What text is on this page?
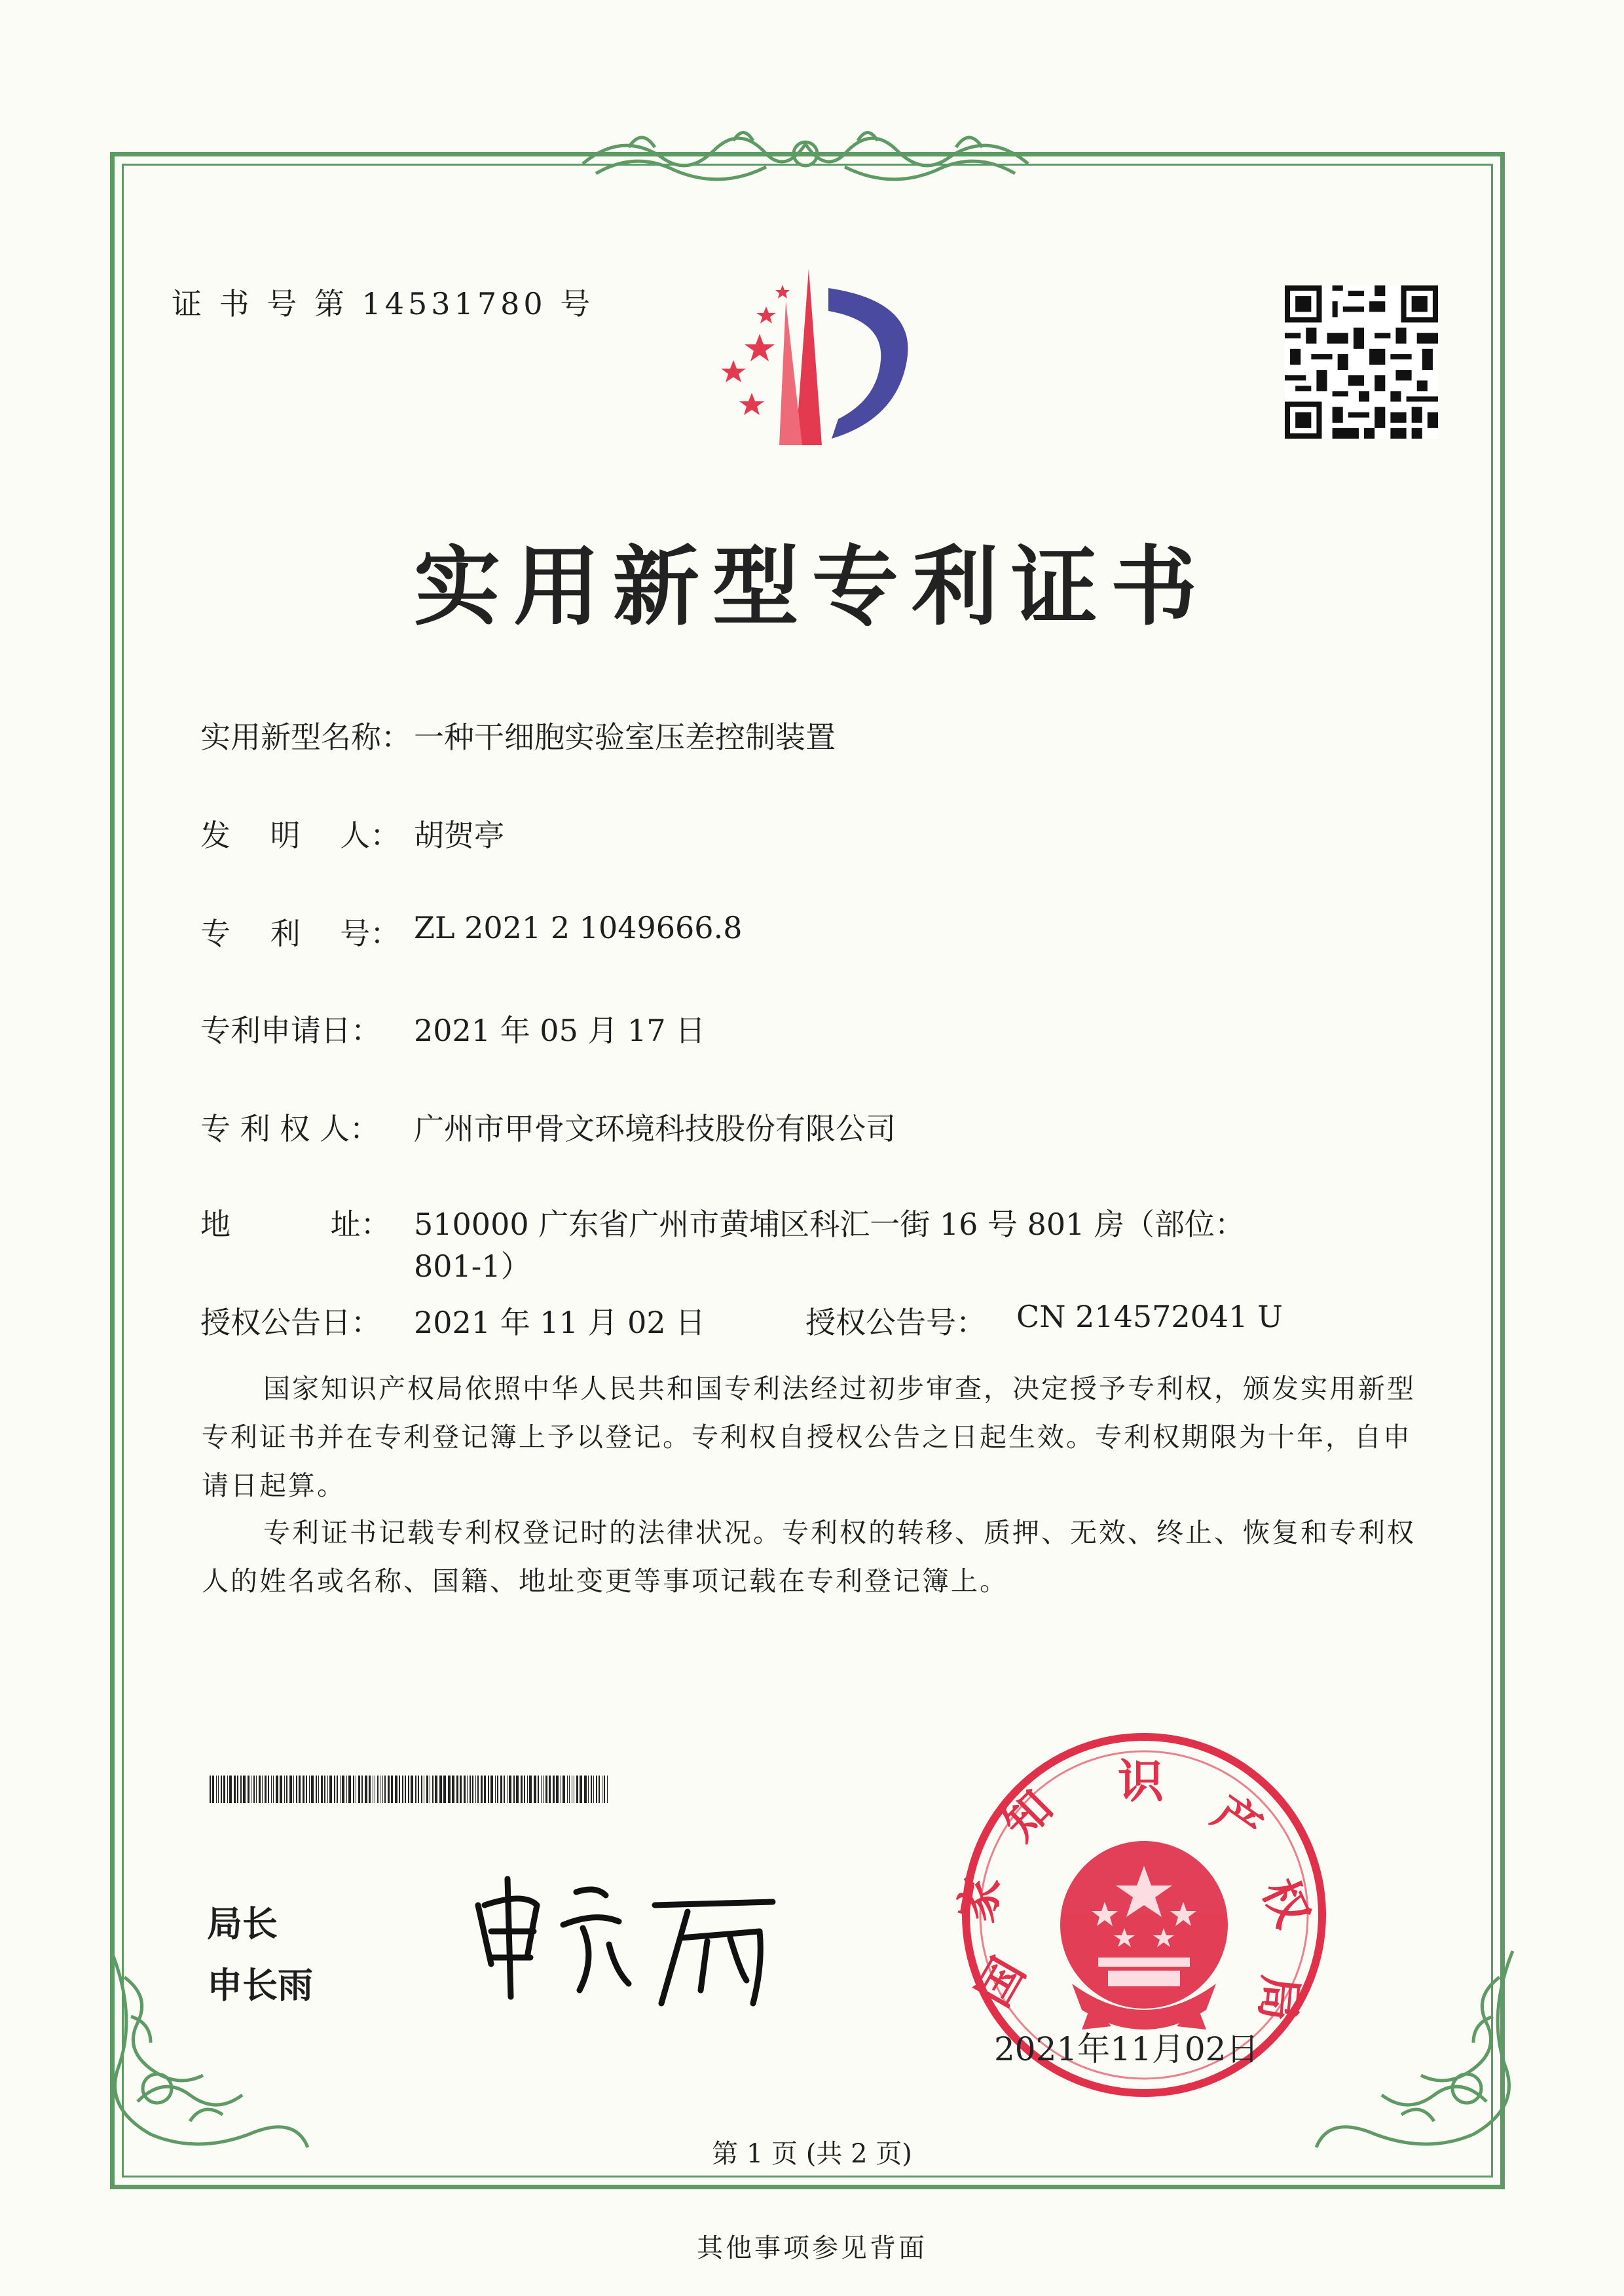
证 书 号 第 14531780 号
实用新型专利证书
实用新型名称： 一种干细胞实验室压差控制装置
发　 明 　人： 胡贺亭
专　 利 　号： ZL 2021 2 1049666.8
专利申请日： 2021 年 05 月 17 日
专 利 权 人： 广州市甲骨文环境科技股份有限公司
地　　　 址： 510000 广东省广州市黄埔区科汇一街 16 号 801 房（部位：
801-1）
授权公告日： 2021 年 11 月 02 日	授权公告号： CN 214572041 U
国家知识产权局依照中华人民共和国专利法经过初步审查，决定授予专利权，颁发实用新型专利证书并在专利登记簿上予以登记。专利权自授权公告之日起生效。专利权期限为十年，自申请日起算。
专利证书记载专利权登记时的法律状况。专利权的转移、质押、无效、终止、恢复和专利权人的姓名或名称、国籍、地址变更等事项记载在专利登记簿上。
局长
申长雨	国
家
知 识
产
权
局
2021年11月02日
第 1 页 (共 2 页)
其他事项参见背面
